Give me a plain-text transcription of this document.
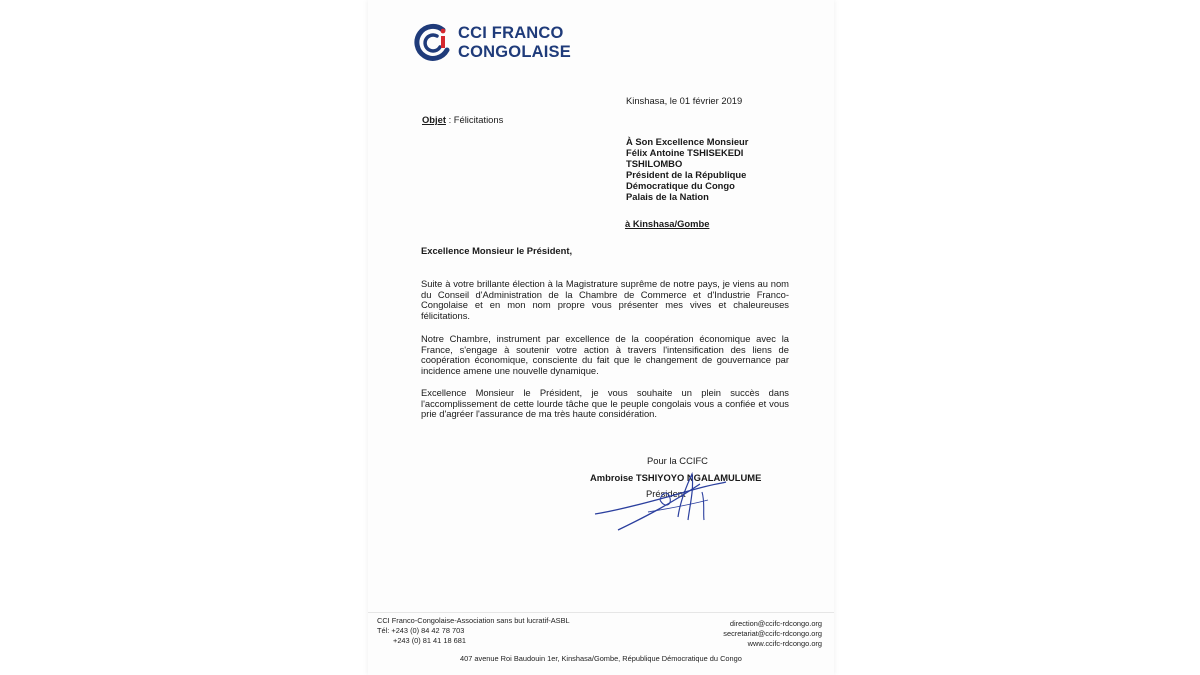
CCI FRANCO
CONGOLAISE
Kinshasa, le 01 février 2019
Objet : Félicitations
À Son Excellence Monsieur
Félix Antoine TSHISEKEDI
TSHILOMBO
Président de la République
Démocratique du Congo
Palais de la Nation
à Kinshasa/Gombe
Excellence Monsieur le Président,
Suite à votre brillante élection à la Magistrature suprême de notre pays, je viens au nom du Conseil d'Administration de la Chambre de Commerce et d'Industrie Franco-Congolaise et en mon nom propre vous présenter mes vives et chaleureuses félicitations.
Notre Chambre, instrument par excellence de la coopération économique avec la France, s'engage à soutenir votre action à travers l'intensification des liens de coopération économique, consciente du fait que le changement de gouvernance par incidence amene une nouvelle dynamique.
Excellence Monsieur le Président, je vous souhaite un plein succès dans l'accomplissement de cette lourde tâche que le peuple congolais vous a confiée et vous prie d'agréer l'assurance de ma très haute considération.
Pour la CCIFC
Ambroise TSHIYOYO NGALAMULUME
Président
CCI Franco-Congolaise-Association sans but lucratif-ASBL
Tél: +243 (0) 84 42 78 703
+243 (0) 81 41 18 681
direction@ccifc-rdcongo.org
secretariat@ccifc-rdcongo.org
www.ccifc-rdcongo.org
407 avenue Roi Baudouin 1er, Kinshasa/Gombe, République Démocratique du Congo
